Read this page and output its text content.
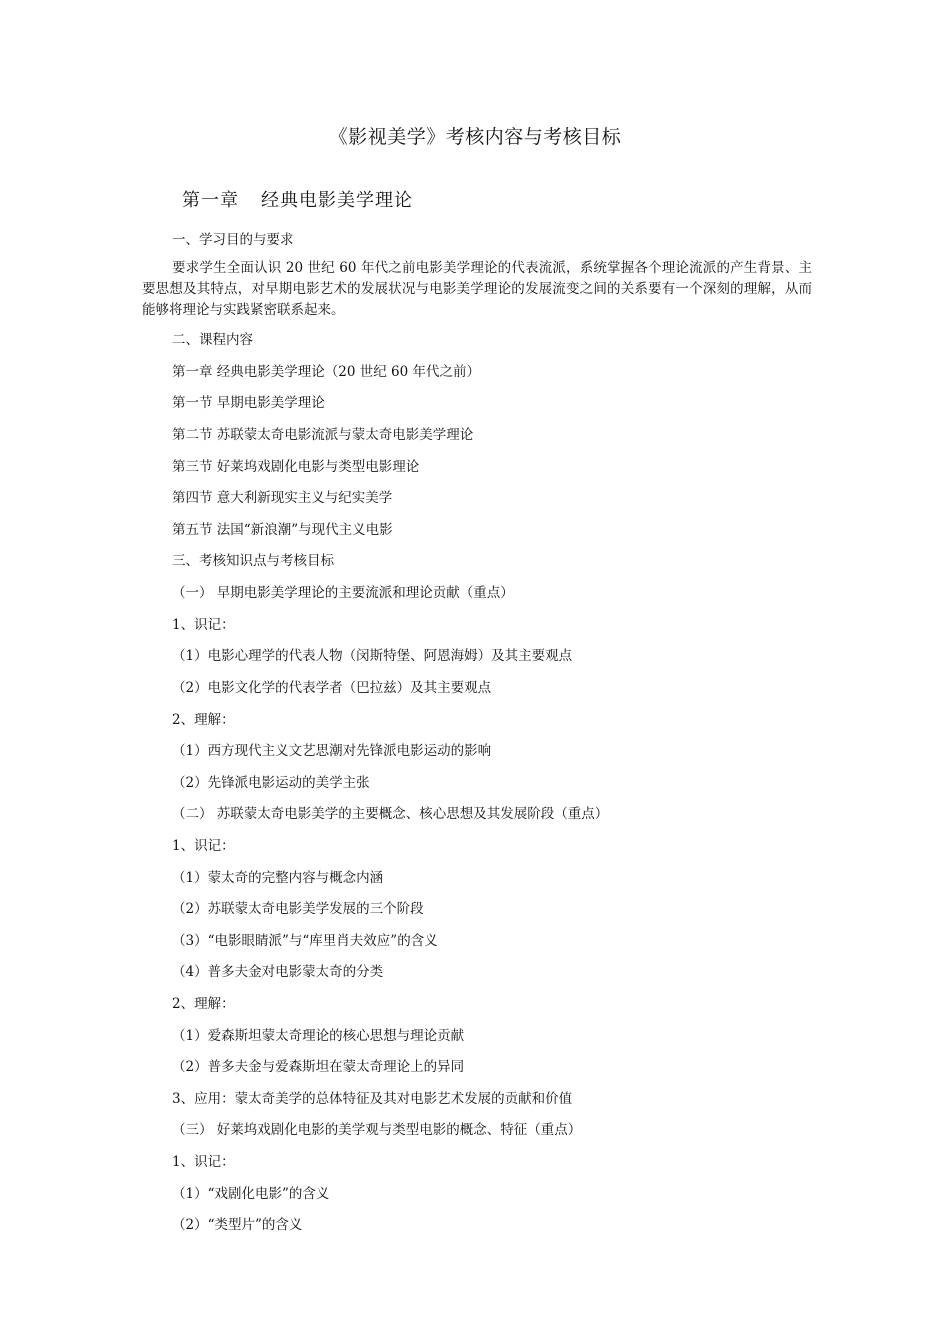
《影视美学》考核内容与考核目标
第一章 经典电影美学理论
一、学习目的与要求
要求学生全面认识 20 世纪 60 年代之前电影美学理论的代表流派，系统掌握各个理论流派的产生背景、主要思想及其特点，对早期电影艺术的发展状况与电影美学理论的发展流变之间的关系要有一个深刻的理解，从而能够将理论与实践紧密联系起来。
二、课程内容
第一章 经典电影美学理论（20 世纪 60 年代之前）
第一节 早期电影美学理论
第二节 苏联蒙太奇电影流派与蒙太奇电影美学理论
第三节 好莱坞戏剧化电影与类型电影理论
第四节 意大利新现实主义与纪实美学
第五节 法国“新浪潮”与现代主义电影
三、考核知识点与考核目标
（一） 早期电影美学理论的主要流派和理论贡献（重点）
1、识记：
（1）电影心理学的代表人物（闵斯特堡、阿恩海姆）及其主要观点
（2）电影文化学的代表学者（巴拉兹）及其主要观点
2、理解：
（1）西方现代主义文艺思潮对先锋派电影运动的影响
（2）先锋派电影运动的美学主张
（二） 苏联蒙太奇电影美学的主要概念、核心思想及其发展阶段（重点）
1、识记：
（1）蒙太奇的完整内容与概念内涵
（2）苏联蒙太奇电影美学发展的三个阶段
（3）“电影眼睛派”与“库里肖夫效应”的含义
（4）普多夫金对电影蒙太奇的分类
2、理解：
（1）爱森斯坦蒙太奇理论的核心思想与理论贡献
（2）普多夫金与爱森斯坦在蒙太奇理论上的异同
3、应用：蒙太奇美学的总体特征及其对电影艺术发展的贡献和价值
（三） 好莱坞戏剧化电影的美学观与类型电影的概念、特征（重点）
1、识记：
（1）“戏剧化电影”的含义
（2）“类型片”的含义
